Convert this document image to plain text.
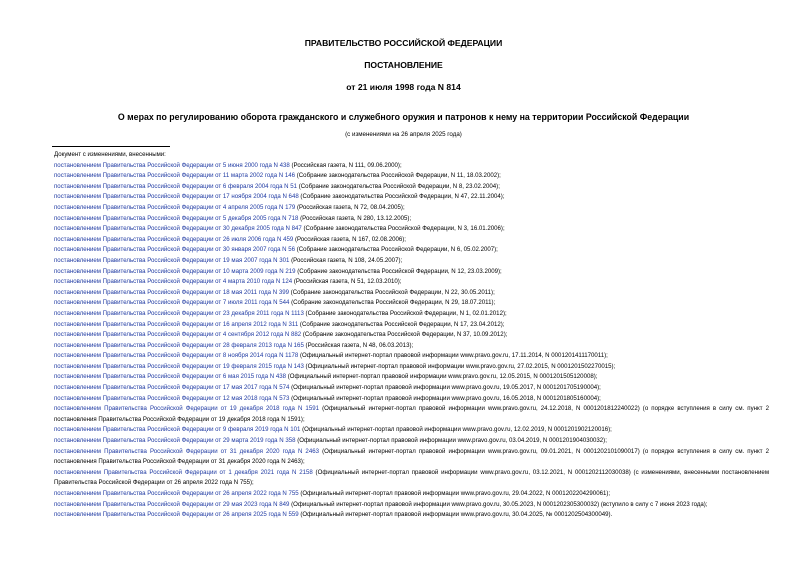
ПРАВИТЕЛЬСТВО РОССИЙСКОЙ ФЕДЕРАЦИИ
ПОСТАНОВЛЕНИЕ
от 21 июля 1998 года N 814
О мерах по регулированию оборота гражданского и служебного оружия и патронов к нему на территории Российской Федерации
(с изменениями на 26 апреля 2025 года)
Документ с изменениями, внесенными:
постановлением Правительства Российской Федерации от 5 июня 2000 года N 438 (Российская газета, N 111, 09.06.2000);
постановлением Правительства Российской Федерации от 11 марта 2002 года N 146 (Собрание законодательства Российской Федерации, N 11, 18.03.2002);
постановлением Правительства Российской Федерации от 6 февраля 2004 года N 51 (Собрание законодательства Российской Федерации, N 8, 23.02.2004);
постановлением Правительства Российской Федерации от 17 ноября 2004 года N 648 (Собрание законодательства Российской Федерации, N 47, 22.11.2004);
постановлением Правительства Российской Федерации от 4 апреля 2005 года N 179 (Российская газета, N 72, 08.04.2005);
постановлением Правительства Российской Федерации от 5 декабря 2005 года N 718 (Российская газета, N 280, 13.12.2005);
постановлением Правительства Российской Федерации от 30 декабря 2005 года N 847 (Собрание законодательства Российской Федерации, N 3, 16.01.2006);
постановлением Правительства Российской Федерации от 26 июля 2006 года N 459 (Российская газета, N 167, 02.08.2006);
постановлением Правительства Российской Федерации от 30 января 2007 года N 56 (Собрание законодательства Российской Федерации, N 6, 05.02.2007);
постановлением Правительства Российской Федерации от 19 мая 2007 года N 301 (Российская газета, N 108, 24.05.2007);
постановлением Правительства Российской Федерации от 10 марта 2009 года N 219 (Собрание законодательства Российской Федерации, N 12, 23.03.2009);
постановлением Правительства Российской Федерации от 4 марта 2010 года N 124 (Российская газета, N 51, 12.03.2010);
постановлением Правительства Российской Федерации от 18 мая 2011 года N 399 (Собрание законодательства Российской Федерации, N 22, 30.05.2011);
постановлением Правительства Российской Федерации от 7 июля 2011 года N 544 (Собрание законодательства Российской Федерации, N 29, 18.07.2011);
постановлением Правительства Российской Федерации от 23 декабря 2011 года N 1113 (Собрание законодательства Российской Федерации, N 1, 02.01.2012);
постановлением Правительства Российской Федерации от 16 апреля 2012 года N 311 (Собрание законодательства Российской Федерации, N 17, 23.04.2012);
постановлением Правительства Российской Федерации от 4 сентября 2012 года N 882 (Собрание законодательства Российской Федерации, N 37, 10.09.2012);
постановлением Правительства Российской Федерации от 28 февраля 2013 года N 165 (Российская газета, N 48, 06.03.2013);
постановлением Правительства Российской Федерации от 8 ноября 2014 года N 1178 (Официальный интернет-портал правовой информации www.pravo.gov.ru, 17.11.2014, N 0001201411170011);
постановлением Правительства Российской Федерации от 19 февраля 2015 года N 143 (Официальный интернет-портал правовой информации www.pravo.gov.ru, 27.02.2015, N 0001201502270015);
постановлением Правительства Российской Федерации от 6 мая 2015 года N 438 (Официальный интернет-портал правовой информации www.pravo.gov.ru, 12.05.2015, N 0001201505120008);
постановлением Правительства Российской Федерации от 17 мая 2017 года N 574 (Официальный интернет-портал правовой информации www.pravo.gov.ru, 19.05.2017, N 0001201705190004);
постановлением Правительства Российской Федерации от 12 мая 2018 года N 573 (Официальный интернет-портал правовой информации www.pravo.gov.ru, 16.05.2018, N 0001201805160004);
постановлением Правительства Российской Федерации от 19 декабря 2018 года N 1591 (Официальный интернет-портал правовой информации www.pravo.gov.ru, 24.12.2018, N 0001201812240022) (о порядке вступления в силу см. пункт 2 постановления Правительства Российской Федерации от 19 декабря 2018 года N 1591);
постановлением Правительства Российской Федерации от 9 февраля 2019 года N 101 (Официальный интернет-портал правовой информации www.pravo.gov.ru, 12.02.2019, N 0001201902120016);
постановлением Правительства Российской Федерации от 29 марта 2019 года N 358 (Официальный интернет-портал правовой информации www.pravo.gov.ru, 03.04.2019, N 0001201904030032);
постановлением Правительства Российской Федерации от 31 декабря 2020 года N 2463 (Официальный интернет-портал правовой информации www.pravo.gov.ru, 09.01.2021, N 0001202101090017) (о порядке вступления в силу см. пункт 2 постановления Правительства Российской Федерации от 31 декабря 2020 года N 2463);
постановлением Правительства Российской Федерации от 1 декабря 2021 года N 2158 (Официальный интернет-портал правовой информации www.pravo.gov.ru, 03.12.2021, N 0001202112030038) (с изменениями, внесенными постановлением Правительства Российской Федерации от 26 апреля 2022 года N 755);
постановлением Правительства Российской Федерации от 26 апреля 2022 года N 755 (Официальный интернет-портал правовой информации www.pravo.gov.ru, 29.04.2022, N 0001202204290061);
постановлением Правительства Российской Федерации от 29 мая 2023 года N 849 (Официальный интернет-портал правовой информации www.pravo.gov.ru, 30.05.2023, N 0001202305300032) (вступило в силу с 7 июня 2023 года);
постановлением Правительства Российской Федерации от 26 апреля 2025 года N 559 (Официальный интернет-портал правовой информации www.pravo.gov.ru, 30.04.2025, № 0001202504300049).
